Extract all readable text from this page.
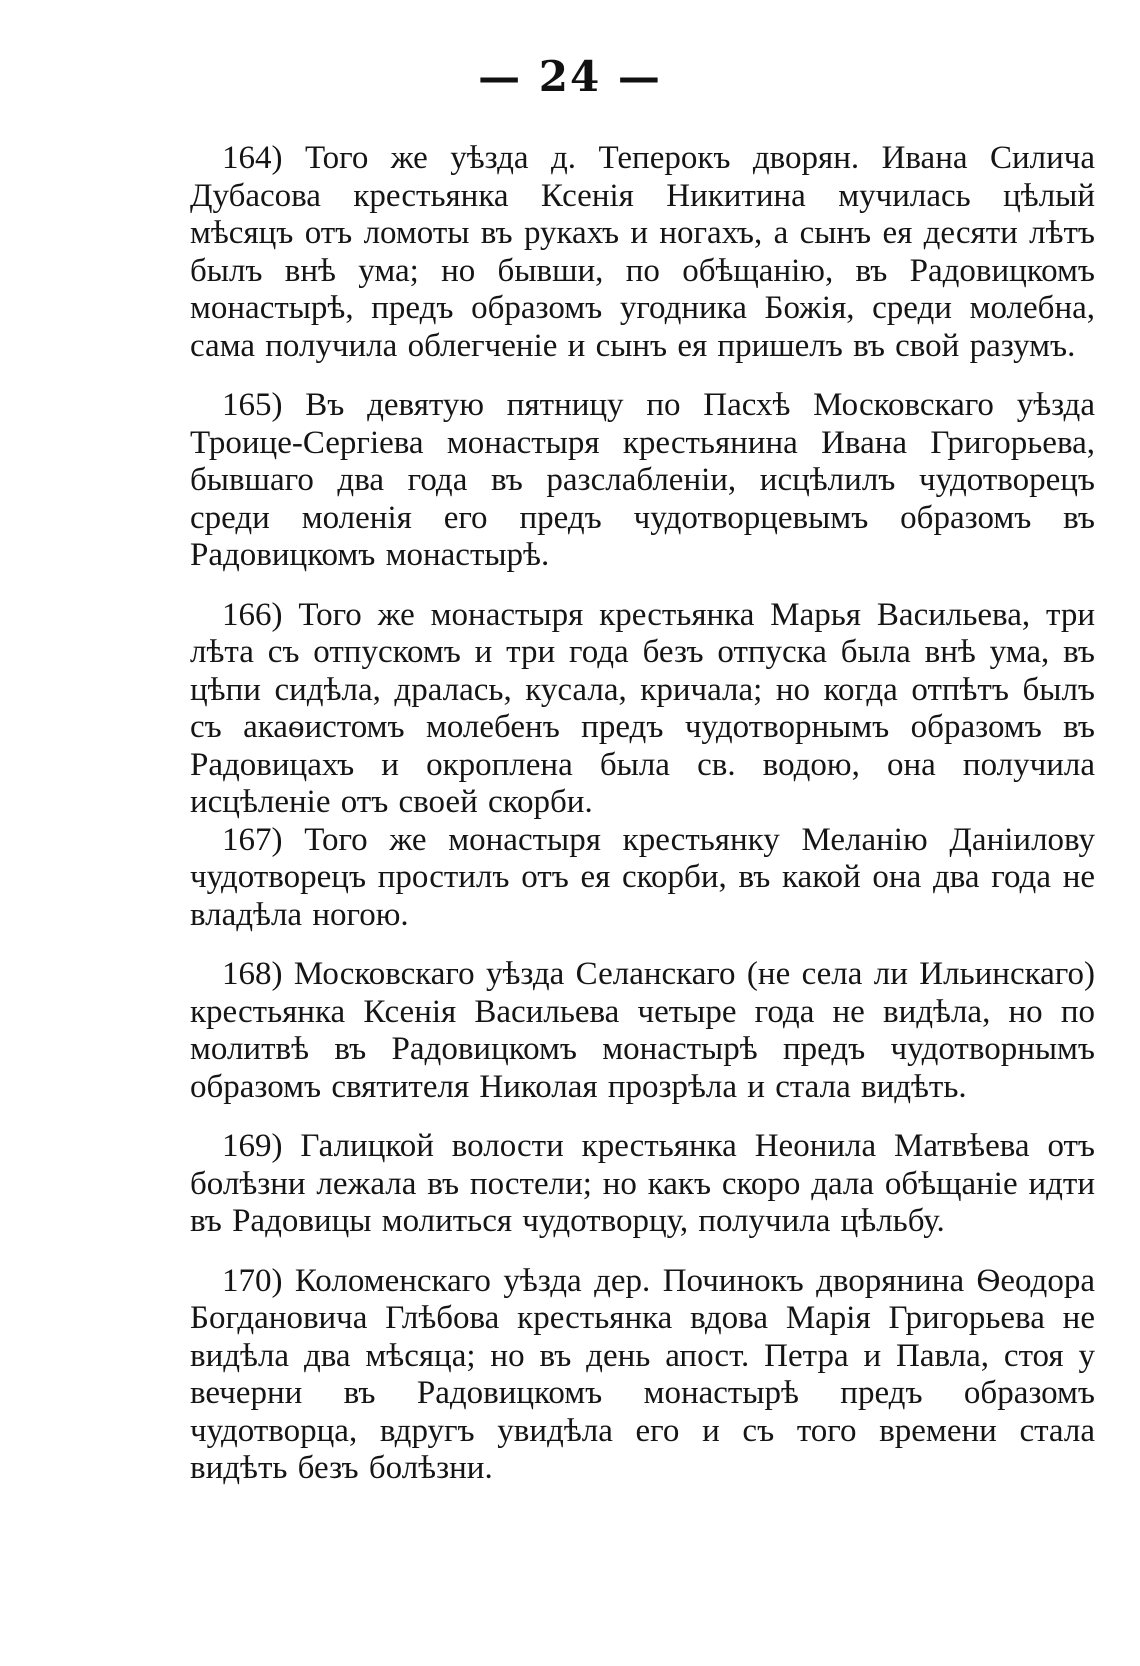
— 24 —

164) Того же уѣзда д. Теперокъ дворян. Ивана Силича Дубасова крестьянка Ксенія Никитина мучилась цѣлый мѣсяцъ отъ ломоты въ рукахъ и ногахъ, а сынъ ея десяти лѣтъ былъ внѣ ума; но бывши, по обѣщанію, въ Радовицкомъ монастырѣ, предъ образомъ угодника Божія, среди молебна, сама получила облегченіе и сынъ ея пришелъ въ свой разумъ.

165) Въ девятую пятницу по Пасхѣ Московскаго уѣзда Троице-Сергіева монастыря крестьянина Ивана Григорьева, бывшаго два года въ разслабленіи, исцѣлилъ чудотворецъ среди моленія его предъ чудотворцевымъ образомъ въ Радовицкомъ монастырѣ.

166) Того же монастыря крестьянка Марья Васильева, три лѣта съ отпускомъ и три года безъ отпуска была внѣ ума, въ цѣпи сидѣла, дралась, кусала, кричала; но когда отпѣтъ былъ съ акаѳистомъ молебенъ предъ чудотворнымъ образомъ въ Радовицахъ и окроплена была св. водою, она получила исцѣленіе отъ своей скорби.

167) Того же монастыря крестьянку Меланію Даніилову чудотворецъ простилъ отъ ея скорби, въ какой она два года не владѣла ногою.

168) Московскаго уѣзда Селанскаго (не села ли Ильинскаго) крестьянка Ксенія Васильева четыре года не видѣла, но по молитвѣ въ Радовицкомъ монастырѣ предъ чудотворнымъ образомъ святителя Николая прозрѣла и стала видѣть.

169) Галицкой волости крестьянка Неонила Матвѣева отъ болѣзни лежала въ постели; но какъ скоро дала обѣщаніе идти въ Радовицы молиться чудотворцу, получила цѣльбу.

170) Коломенскаго уѣзда дер. Починокъ дворянина Ѳеодора Богдановича Глѣбова крестьянка вдова Марія Григорьева не видѣла два мѣсяца; но въ день апост. Петра и Павла, стоя у вечерни въ Радовицкомъ монастырѣ предъ образомъ чудотворца, вдругъ увидѣла его и съ того времени стала видѣть безъ болѣзни.
